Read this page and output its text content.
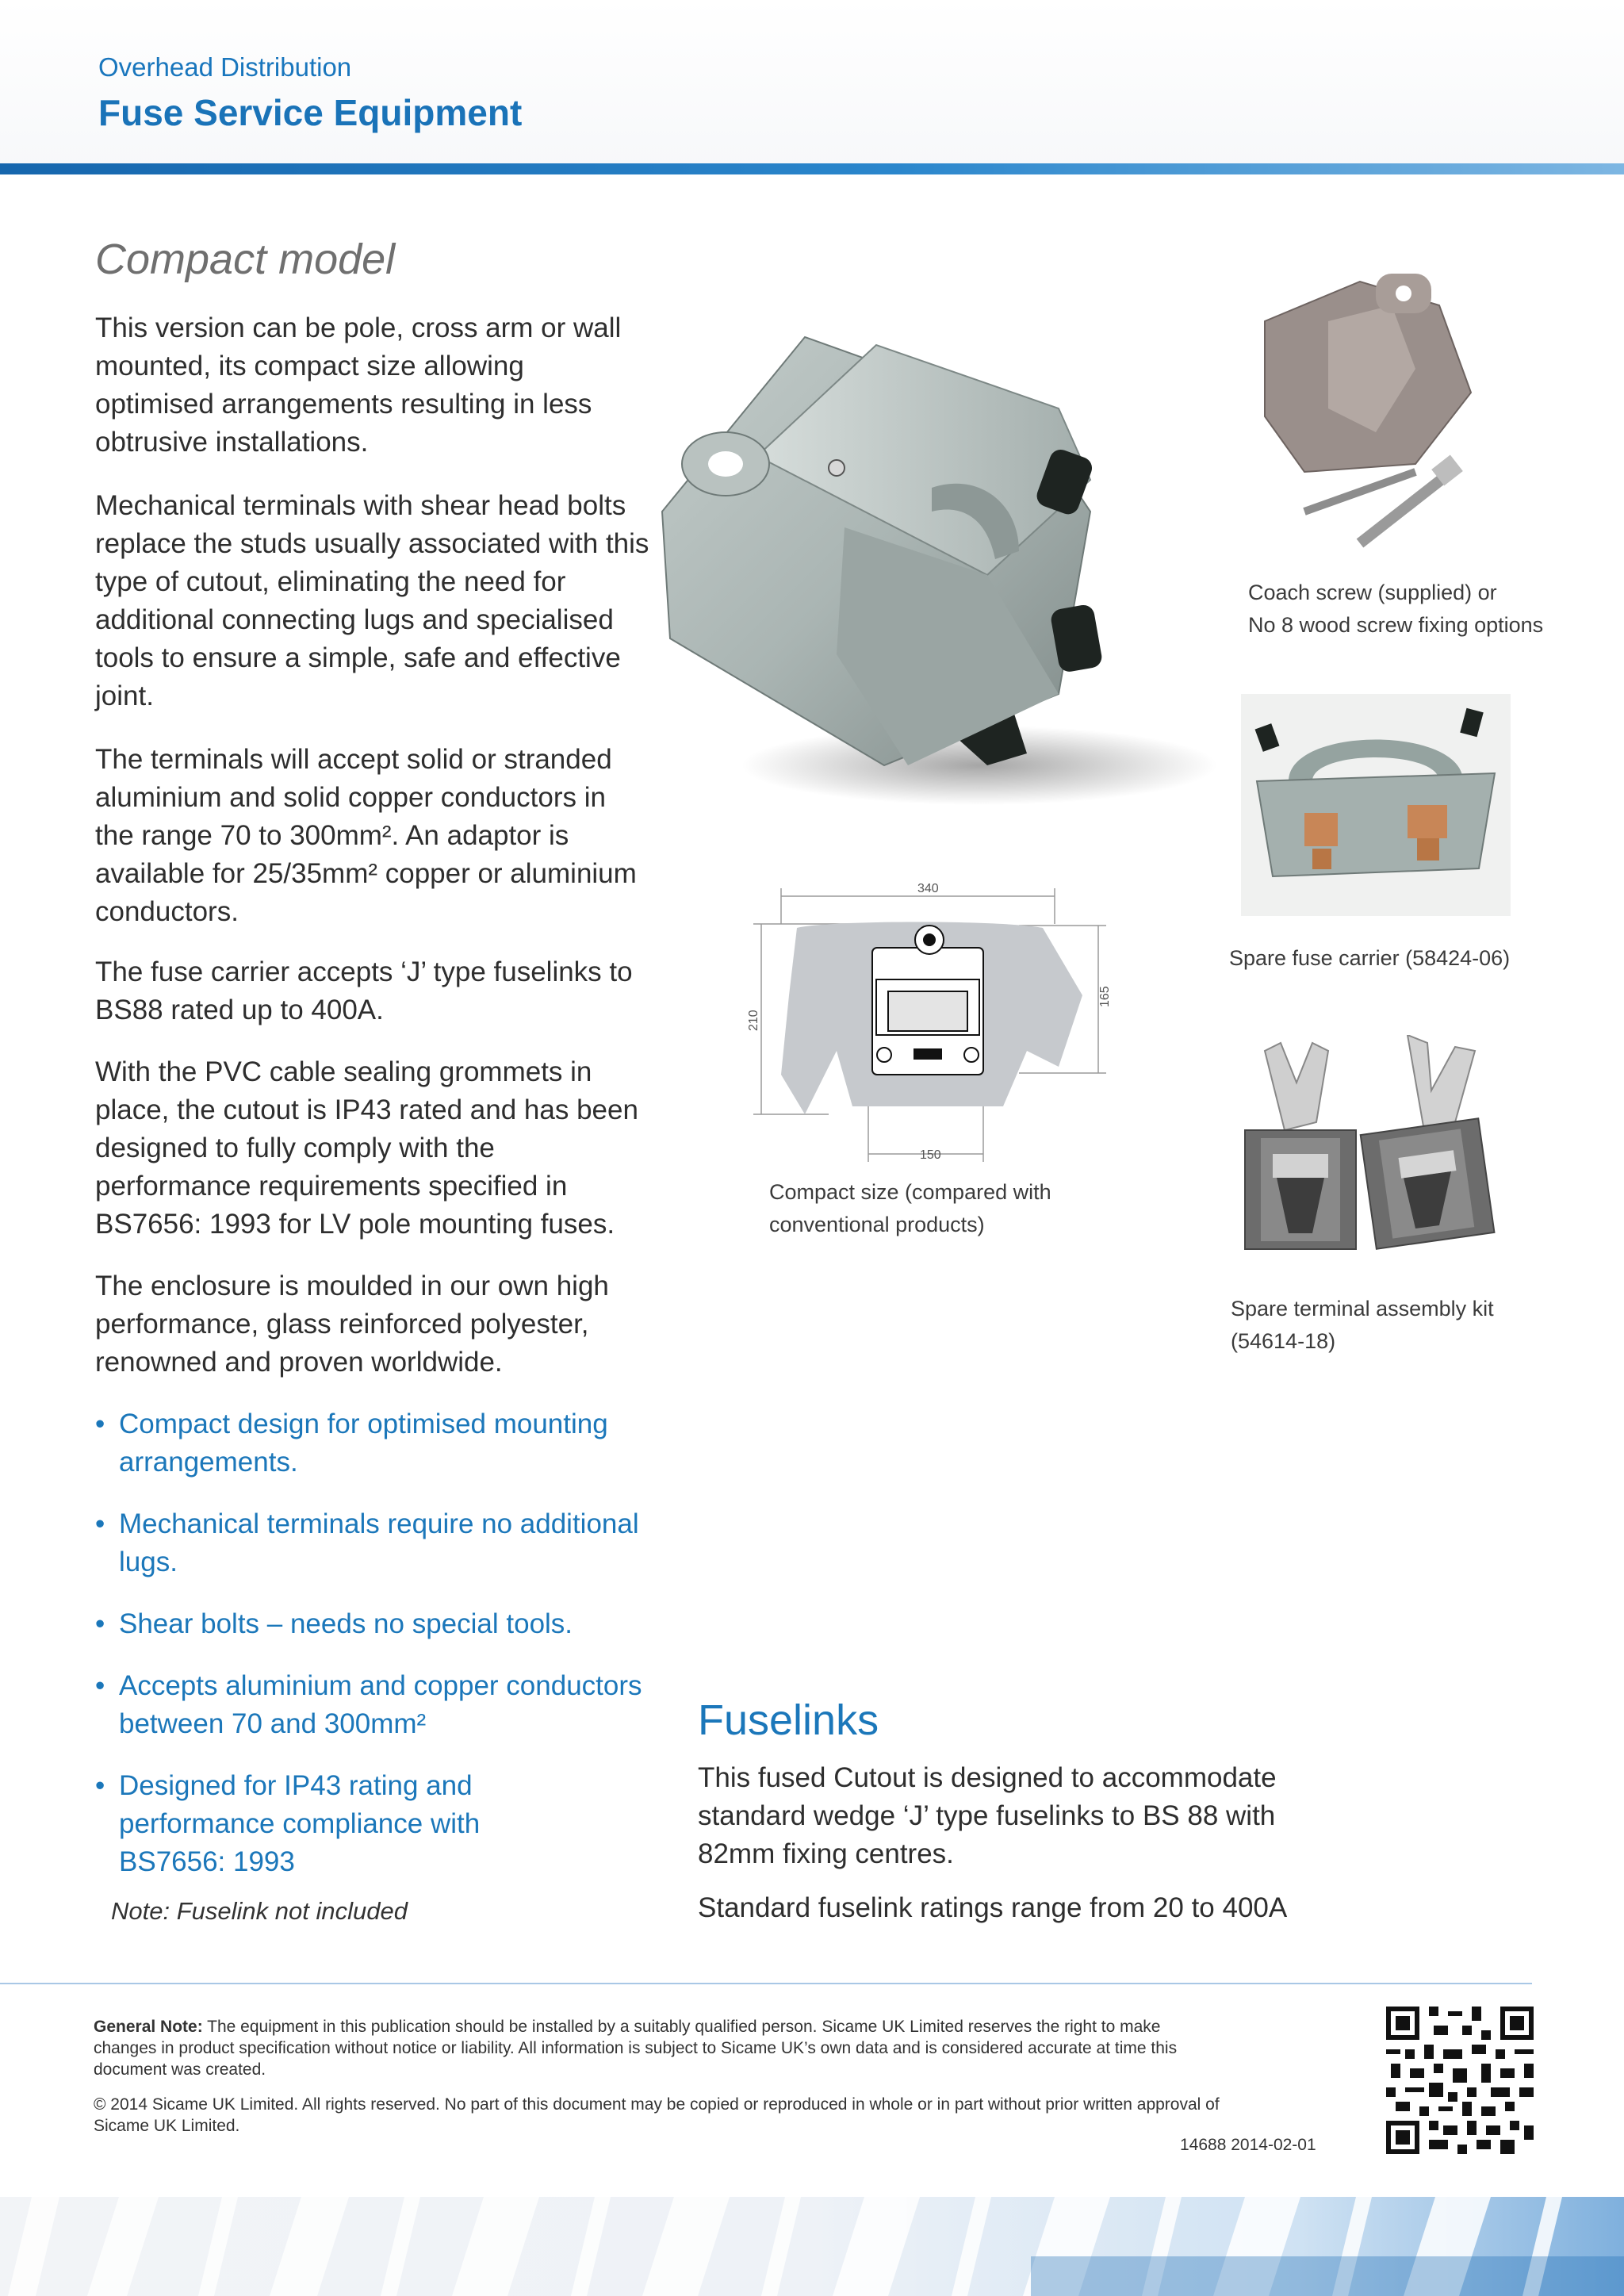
Overhead Distribution
Fuse Service Equipment
Compact model

This version can be pole, cross arm or wall mounted, its compact size allowing optimised arrangements resulting in less obtrusive installations.

Mechanical terminals with shear head bolts replace the studs usually associated with this type of cutout, eliminating the need for additional connecting lugs and specialised tools to ensure a simple, safe and effective joint.

The terminals will accept solid or stranded aluminium and solid copper conductors in the range 70 to 300mm². An adaptor is available for 25/35mm² copper or aluminium conductors.

The fuse carrier accepts ‘J’ type fuselinks to BS88 rated up to 400A.

With the PVC cable sealing grommets in place, the cutout is IP43 rated and has been designed to fully comply with the performance requirements specified in BS7656: 1993 for LV pole mounting fuses.

The enclosure is moulded in our own high performance, glass reinforced polyester, renowned and proven worldwide.

• Compact design for optimised mounting arrangements.
• Mechanical terminals require no additional lugs.
• Shear bolts – needs no special tools.
• Accepts aluminium and copper conductors between 70 and 300mm²
• Designed for IP43 rating and performance compliance with BS7656: 1993
Note: Fuselink not included
Coach screw (supplied) or
No 8 wood screw fixing options
Spare fuse carrier (58424-06)
Spare terminal assembly kit
(54614-18)
340
150
210
165
Compact size (compared with
conventional products)
Fuselinks

This fused Cutout is designed to accommodate standard wedge ‘J’ type fuselinks to BS 88 with 82mm fixing centres.

Standard fuselink ratings range from 20 to 400A

General Note: The equipment in this publication should be installed by a suitably qualified person. Sicame UK Limited reserves the right to make changes in product specification without notice or liability. All information is subject to Sicame UK’s own data and is considered accurate at time this document was created.
© 2014 Sicame UK Limited. All rights reserved. No part of this document may be copied or reproduced in whole or in part without prior written approval of Sicame UK Limited.
14688 2014-02-01
